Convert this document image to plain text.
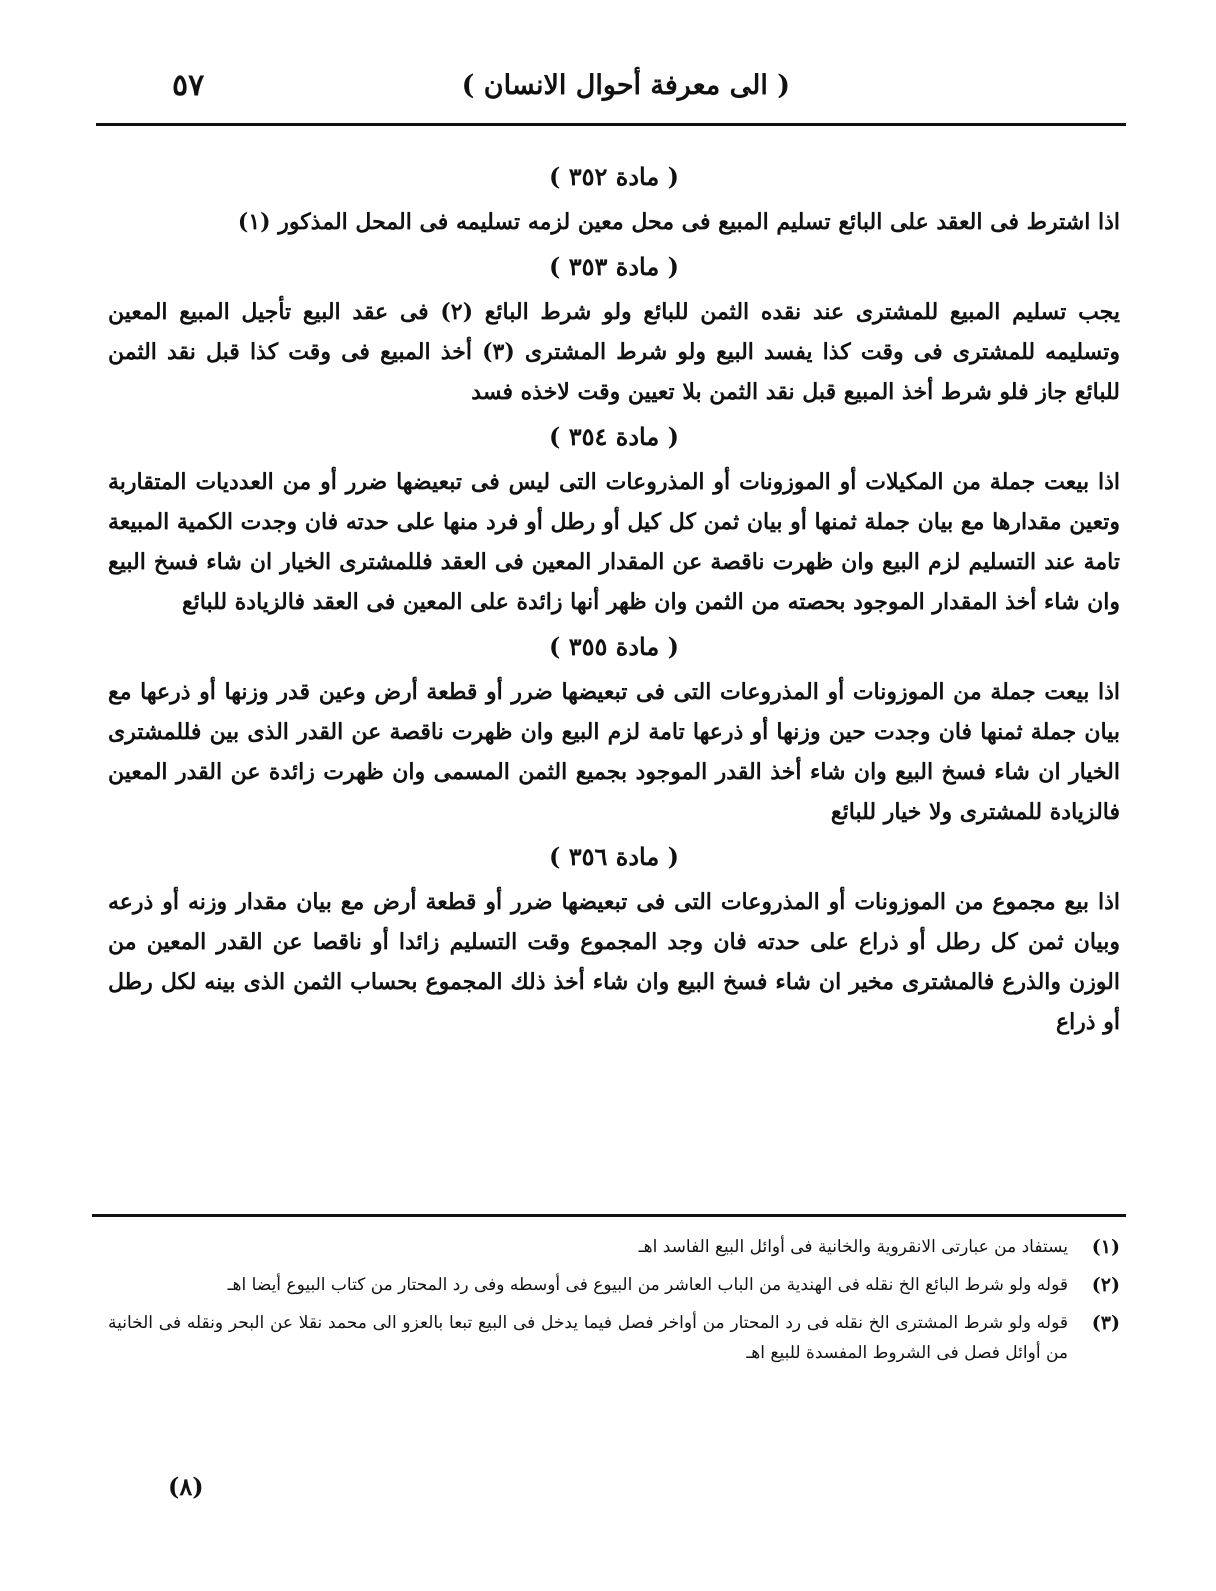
( الى معرفة أحوال الانسان )
٥٧
( مادة ٣٥٢ )

اذا اشترط فى العقد على البائع تسليم المبيع فى محل معين لزمه تسليمه فى المحل المذكور (١)

( مادة ٣٥٣ )

يجب تسليم المبيع للمشترى عند نقده الثمن للبائع ولو شرط البائع (٢) فى عقد البيع تأجيل المبيع المعين وتسليمه للمشترى فى وقت كذا يفسد البيع ولو شرط المشترى (٣) أخذ المبيع فى وقت كذا قبل نقد الثمن للبائع جاز فلو شرط أخذ المبيع قبل نقد الثمن بلا تعيين وقت لاخذه فسد

( مادة ٣٥٤ )

اذا بيعت جملة من المكيلات أو الموزونات أو المذروعات التى ليس فى تبعيضها ضرر أو من العدديات المتقاربة وتعين مقدارها مع بيان جملة ثمنها أو بيان ثمن كل كيل أو رطل أو فرد منها على حدته فان وجدت الكمية المبيعة تامة عند التسليم لزم البيع وان ظهرت ناقصة عن المقدار المعين فى العقد فللمشترى الخيار ان شاء فسخ البيع وان شاء أخذ المقدار الموجود بحصته من الثمن وان ظهر أنها زائدة على المعين فى العقد فالزيادة للبائع

( مادة ٣٥٥ )

اذا بيعت جملة من الموزونات أو المذروعات التى فى تبعيضها ضرر أو قطعة أرض وعين قدر وزنها أو ذرعها مع بيان جملة ثمنها فان وجدت حين وزنها أو ذرعها تامة لزم البيع وان ظهرت ناقصة عن القدر الذى بين فللمشترى الخيار ان شاء فسخ البيع وان شاء أخذ القدر الموجود بجميع الثمن المسمى وان ظهرت زائدة عن القدر المعين فالزيادة للمشترى ولا خيار للبائع

( مادة ٣٥٦ )

اذا بيع مجموع من الموزونات أو المذروعات التى فى تبعيضها ضرر أو قطعة أرض مع بيان مقدار وزنه أو ذرعه وبيان ثمن كل رطل أو ذراع على حدته فان وجد المجموع وقت التسليم زائدا أو ناقصا عن القدر المعين من الوزن والذرع فالمشترى مخير ان شاء فسخ البيع وان شاء أخذ ذلك المجموع بحساب الثمن الذى بينه لكل رطل أو ذراع

(١)
يستفاد من عبارتى الانقروية والخانية فى أوائل البيع الفاسد اهـ
(٢)
قوله ولو شرط البائع الخ نقله فى الهندية من الباب العاشر من البيوع فى أوسطه وفى رد المحتار من كتاب البيوع أيضا اهـ
(٣)
قوله ولو شرط المشترى الخ نقله فى رد المحتار من أواخر فصل فيما يدخل فى البيع تبعا بالعزو الى محمد نقلا عن البحر ونقله فى الخانية من أوائل فصل فى الشروط المفسدة للبيع اهـ
(٨)
